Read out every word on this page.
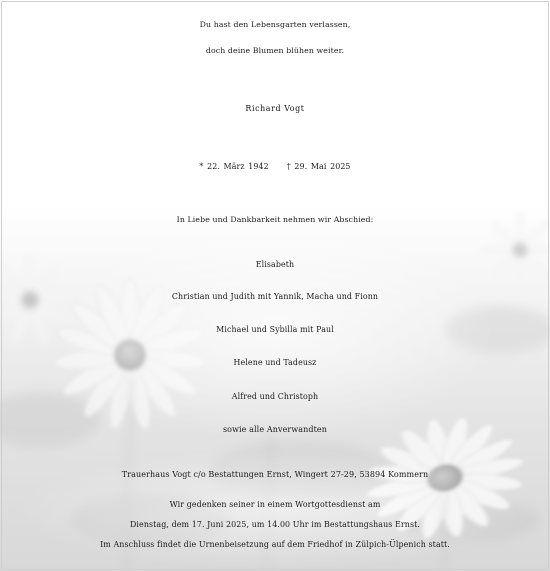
Du hast den Lebensgarten verlassen,
doch deine Blumen blühen weiter.
Richard Vogt
* 22. März 1942 † 29. Mai 2025
In Liebe und Dankbarkeit nehmen wir Abschied:
Elisabeth
Christian und Judith mit Yannik, Macha und Fionn
Michael und Sybilla mit Paul
Helene und Tadeusz
Alfred und Christoph
sowie alle Anverwandten
Trauerhaus Vogt c/o Bestattungen Ernst, Wingert 27-29, 53894 Kommern
Wir gedenken seiner in einem Wortgottesdienst am
Dienstag, dem 17. Juni 2025, um 14.00 Uhr im Bestattungshaus Ernst.
Im Anschluss findet die Urnenbeisetzung auf dem Friedhof in Zülpich-Ülpenich statt.
